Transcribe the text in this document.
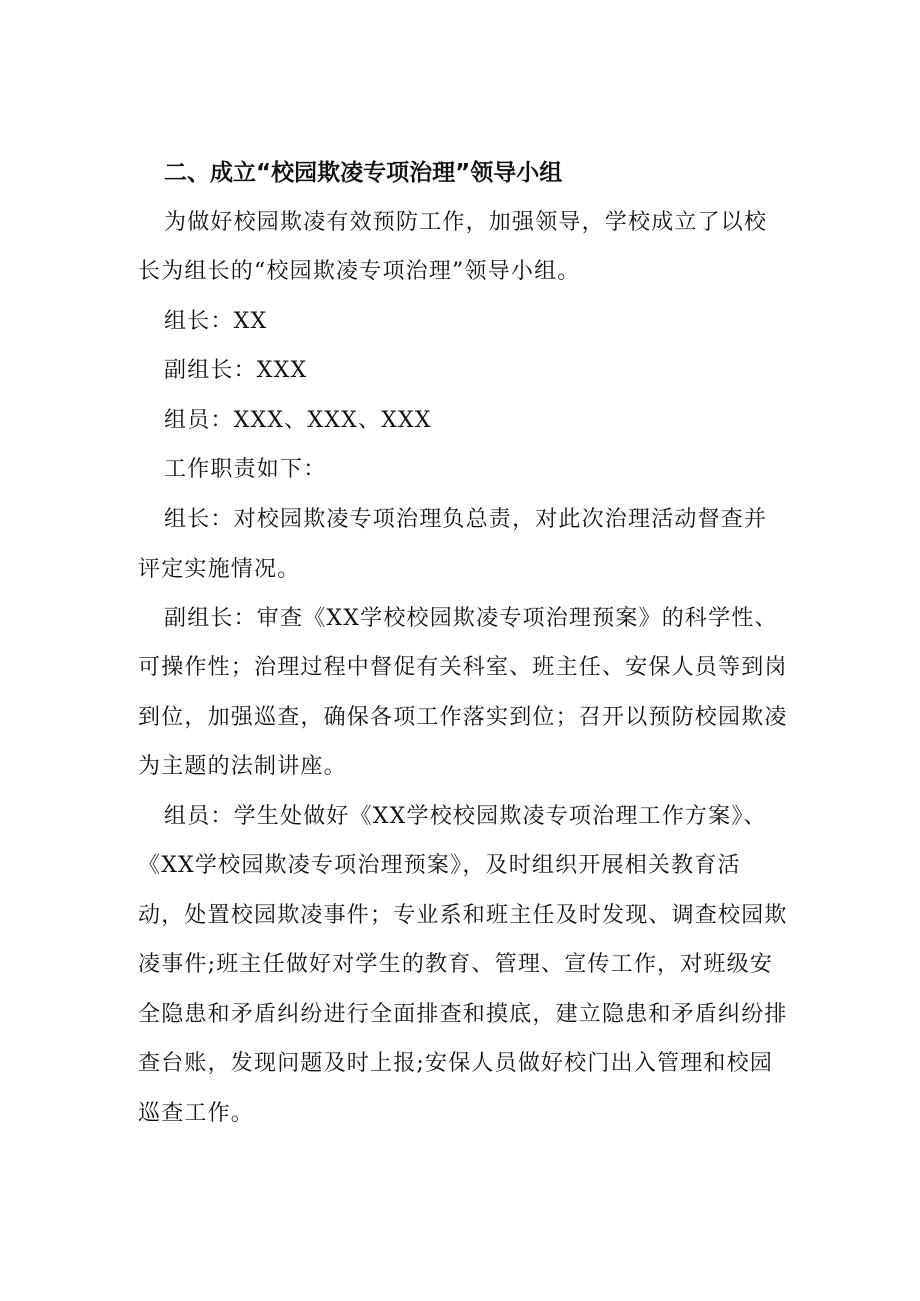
二、成立“校园欺凌专项治理”领导小组
为做好校园欺凌有效预防工作，加强领导，学校成立了以校
长为组长的“校园欺凌专项治理”领导小组。
组长：XX
副组长：XXX
组员：XXX、XXX、XXX
工作职责如下：
组长：对校园欺凌专项治理负总责，对此次治理活动督查并
评定实施情况。
副组长：审查《XX学校校园欺凌专项治理预案》的科学性、
可操作性；治理过程中督促有关科室、班主任、安保人员等到岗
到位，加强巡查，确保各项工作落实到位；召开以预防校园欺凌
为主题的法制讲座。
组员：学生处做好《XX学校校园欺凌专项治理工作方案》、
《XX学校园欺凌专项治理预案》，及时组织开展相关教育活
动，处置校园欺凌事件；专业系和班主任及时发现、调查校园欺
凌事件;班主任做好对学生的教育、管理、宣传工作，对班级安
全隐患和矛盾纠纷进行全面排查和摸底，建立隐患和矛盾纠纷排
查台账，发现问题及时上报;安保人员做好校门出入管理和校园
巡查工作。
